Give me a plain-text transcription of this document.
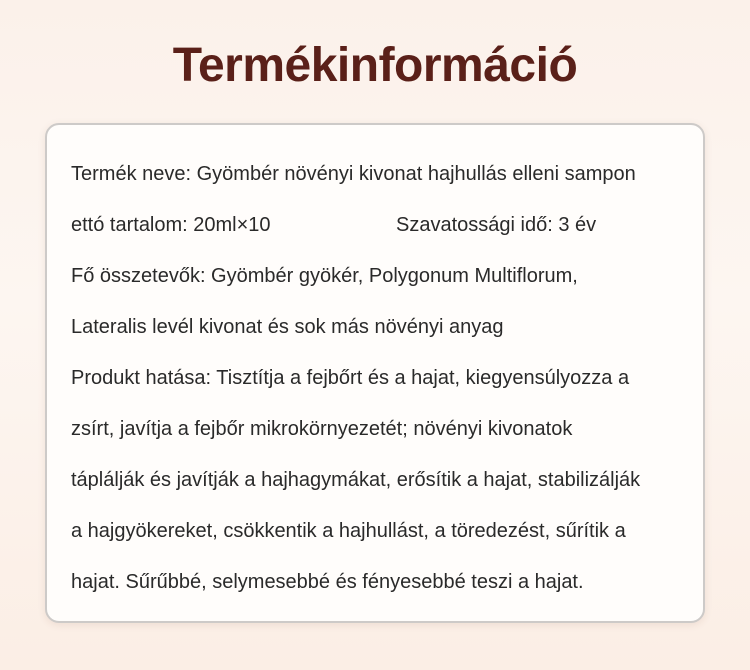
Termékinformáció
Termék neve: Gyömbér növényi kivonat hajhullás elleni sampon
ettó tartalom: 20ml×10	Szavatossági idő: 3 év
Fő összetevők: Gyömbér gyökér, Polygonum Multiflorum,
Lateralis levél kivonat és sok más növényi anyag
Produkt hatása: Tisztítja a fejbőrt és a hajat, kiegyensúlyozza a
zsírt, javítja a fejbőr mikrokörnyezetét; növényi kivonatok
táplálják és javítják a hajhagymákat, erősítik a hajat, stabilizálják
a hajgyökereket, csökkentik a hajhullást, a töredezést, sűrítik a
hajat. Sűrűbbé, selymesebbé és fényesebbé teszi a hajat.
